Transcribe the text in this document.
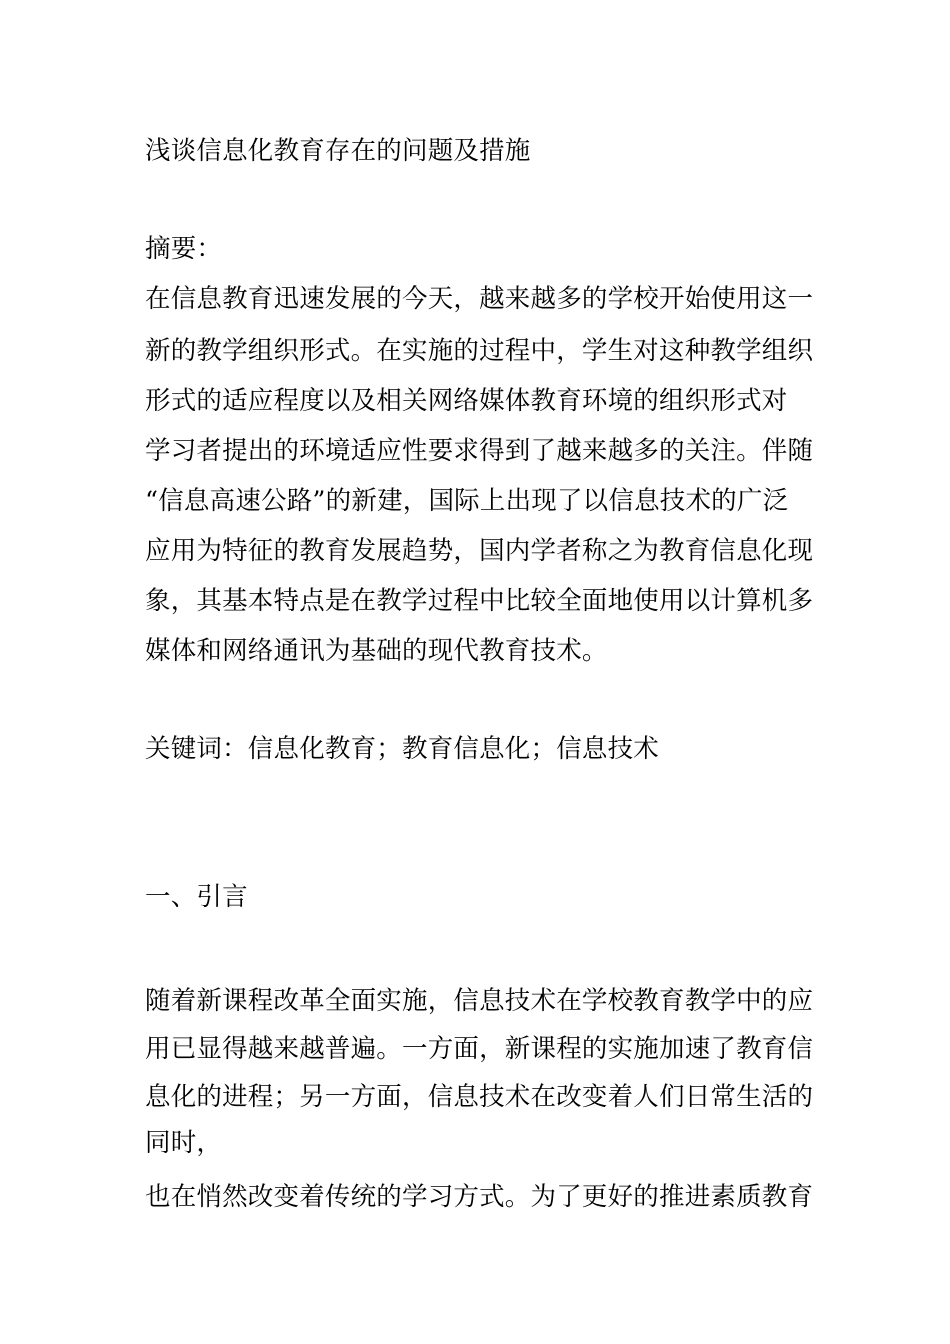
浅谈信息化教育存在的问题及措施
摘要：
在信息教育迅速发展的今天，越来越多的学校开始使用这一
新的教学组织形式。在实施的过程中，学生对这种教学组织
形式的适应程度以及相关网络媒体教育环境的组织形式对
学习者提出的环境适应性要求得到了越来越多的关注。伴随
“信息高速公路”的新建，国际上出现了以信息技术的广泛
应用为特征的教育发展趋势，国内学者称之为教育信息化现
象，其基本特点是在教学过程中比较全面地使用以计算机多
媒体和网络通讯为基础的现代教育技术。
关键词：信息化教育；教育信息化；信息技术
一、引言
随着新课程改革全面实施，信息技术在学校教育教学中的应
用已显得越来越普遍。一方面，新课程的实施加速了教育信
息化的进程；另一方面，信息技术在改变着人们日常生活的
同时，
也在悄然改变着传统的学习方式。为了更好的推进素质教育
